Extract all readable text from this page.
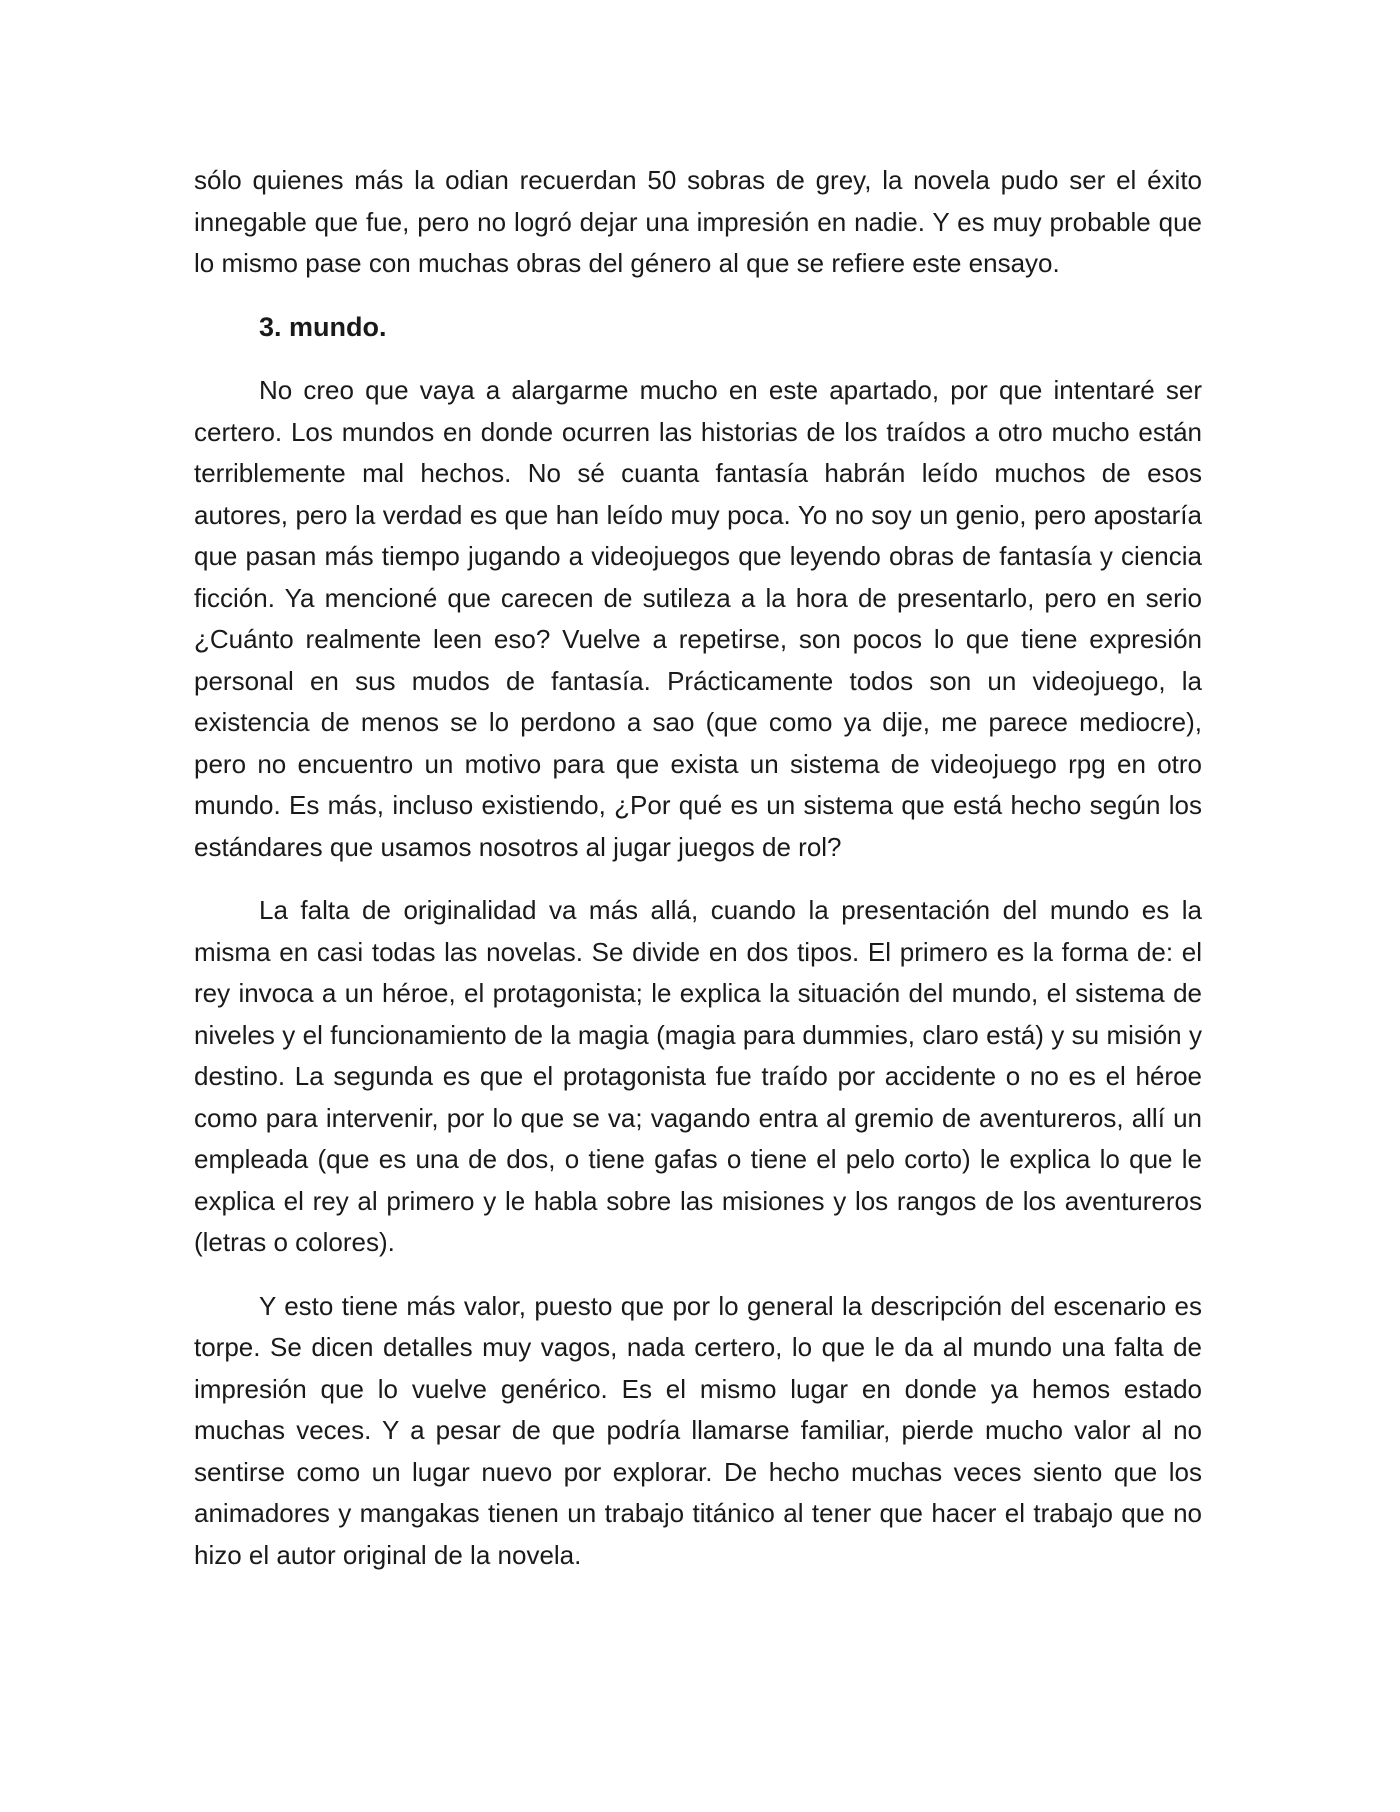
sólo quienes más la odian recuerdan 50 sobras de grey, la novela pudo ser el éxito innegable que fue, pero no logró dejar una impresión en nadie. Y es muy probable que lo mismo pase con muchas obras del género al que se refiere este ensayo.

3. mundo.

No creo que vaya a alargarme mucho en este apartado, por que intentaré ser certero. Los mundos en donde ocurren las historias de los traídos a otro mucho están terriblemente mal hechos. No sé cuanta fantasía habrán leído muchos de esos autores, pero la verdad es que han leído muy poca. Yo no soy un genio, pero apostaría que pasan más tiempo jugando a videojuegos que leyendo obras de fantasía y ciencia ficción. Ya mencioné que carecen de sutileza a la hora de presentarlo, pero en serio ¿Cuánto realmente leen eso? Vuelve a repetirse, son pocos lo que tiene expresión personal en sus mudos de fantasía. Prácticamente todos son un videojuego, la existencia de menos se lo perdono a sao (que como ya dije, me parece mediocre), pero no encuentro un motivo para que exista un sistema de videojuego rpg en otro mundo. Es más, incluso existiendo, ¿Por qué es un sistema que está hecho según los estándares que usamos nosotros al jugar juegos de rol?

La falta de originalidad va más allá, cuando la presentación del mundo es la misma en casi todas las novelas. Se divide en dos tipos. El primero es la forma de: el rey invoca a un héroe, el protagonista; le explica la situación del mundo, el sistema de niveles y el funcionamiento de la magia (magia para dummies, claro está) y su misión y destino. La segunda es que el protagonista fue traído por accidente o no es el héroe como para intervenir, por lo que se va; vagando entra al gremio de aventureros, allí un empleada (que es una de dos, o tiene gafas o tiene el pelo corto) le explica lo que le explica el rey al primero y le habla sobre las misiones y los rangos de los aventureros (letras o colores).

Y esto tiene más valor, puesto que por lo general la descripción del escenario es torpe. Se dicen detalles muy vagos, nada certero, lo que le da al mundo una falta de impresión que lo vuelve genérico. Es el mismo lugar en donde ya hemos estado muchas veces. Y a pesar de que podría llamarse familiar, pierde mucho valor al no sentirse como un lugar nuevo por explorar. De hecho muchas veces siento que los animadores y mangakas tienen un trabajo titánico al tener que hacer el trabajo que no hizo el autor original de la novela.
